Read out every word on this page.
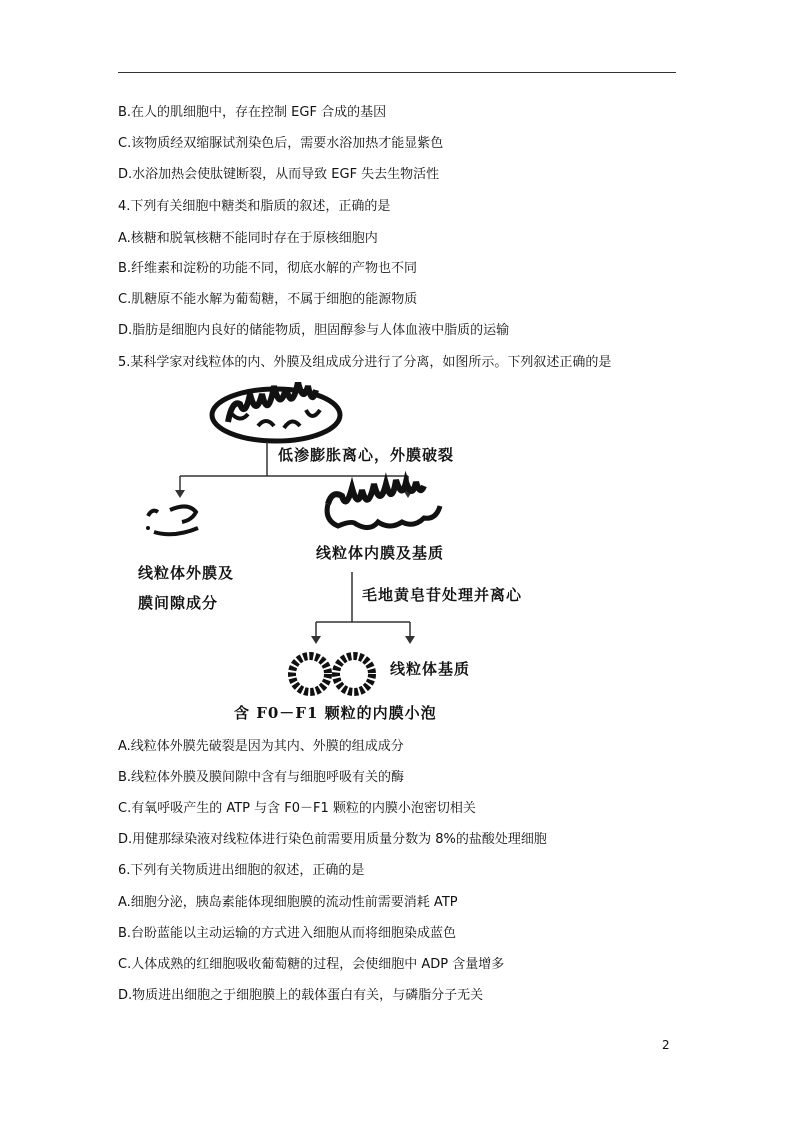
B.在人的肌细胞中，存在控制 EGF 合成的基因
C.该物质经双缩脲试剂染色后，需要水浴加热才能显紫色
D.水浴加热会使肽键断裂，从而导致 EGF 失去生物活性
4.下列有关细胞中糖类和脂质的叙述，正确的是
A.核糖和脱氧核糖不能同时存在于原核细胞内
B.纤维素和淀粉的功能不同，彻底水解的产物也不同
C.肌糖原不能水解为葡萄糖，不属于细胞的能源物质
D.脂肪是细胞内良好的储能物质，胆固醇参与人体血液中脂质的运输
5.某科学家对线粒体的内、外膜及组成成分进行了分离，如图所示。下列叙述正确的是
低渗膨胀离心，外膜破裂
线粒体外膜及
膜间隙成分
线粒体内膜及基质
毛地黄皂苷处理并离心
线粒体基质
含 F0－F1 颗粒的内膜小泡
A.线粒体外膜先破裂是因为其内、外膜的组成成分
B.线粒体外膜及膜间隙中含有与细胞呼吸有关的酶
C.有氧呼吸产生的 ATP 与含 F0－F1 颗粒的内膜小泡密切相关
D.用健那绿染液对线粒体进行染色前需要用质量分数为 8%的盐酸处理细胞
6.下列有关物质进出细胞的叙述，正确的是
A.细胞分泌，胰岛素能体现细胞膜的流动性前需要消耗 ATP
B.台盼蓝能以主动运输的方式进入细胞从而将细胞染成蓝色
C.人体成熟的红细胞吸收葡萄糖的过程，会使细胞中 ADP 含量增多
D.物质进出细胞之于细胞膜上的载体蛋白有关，与磷脂分子无关
2
